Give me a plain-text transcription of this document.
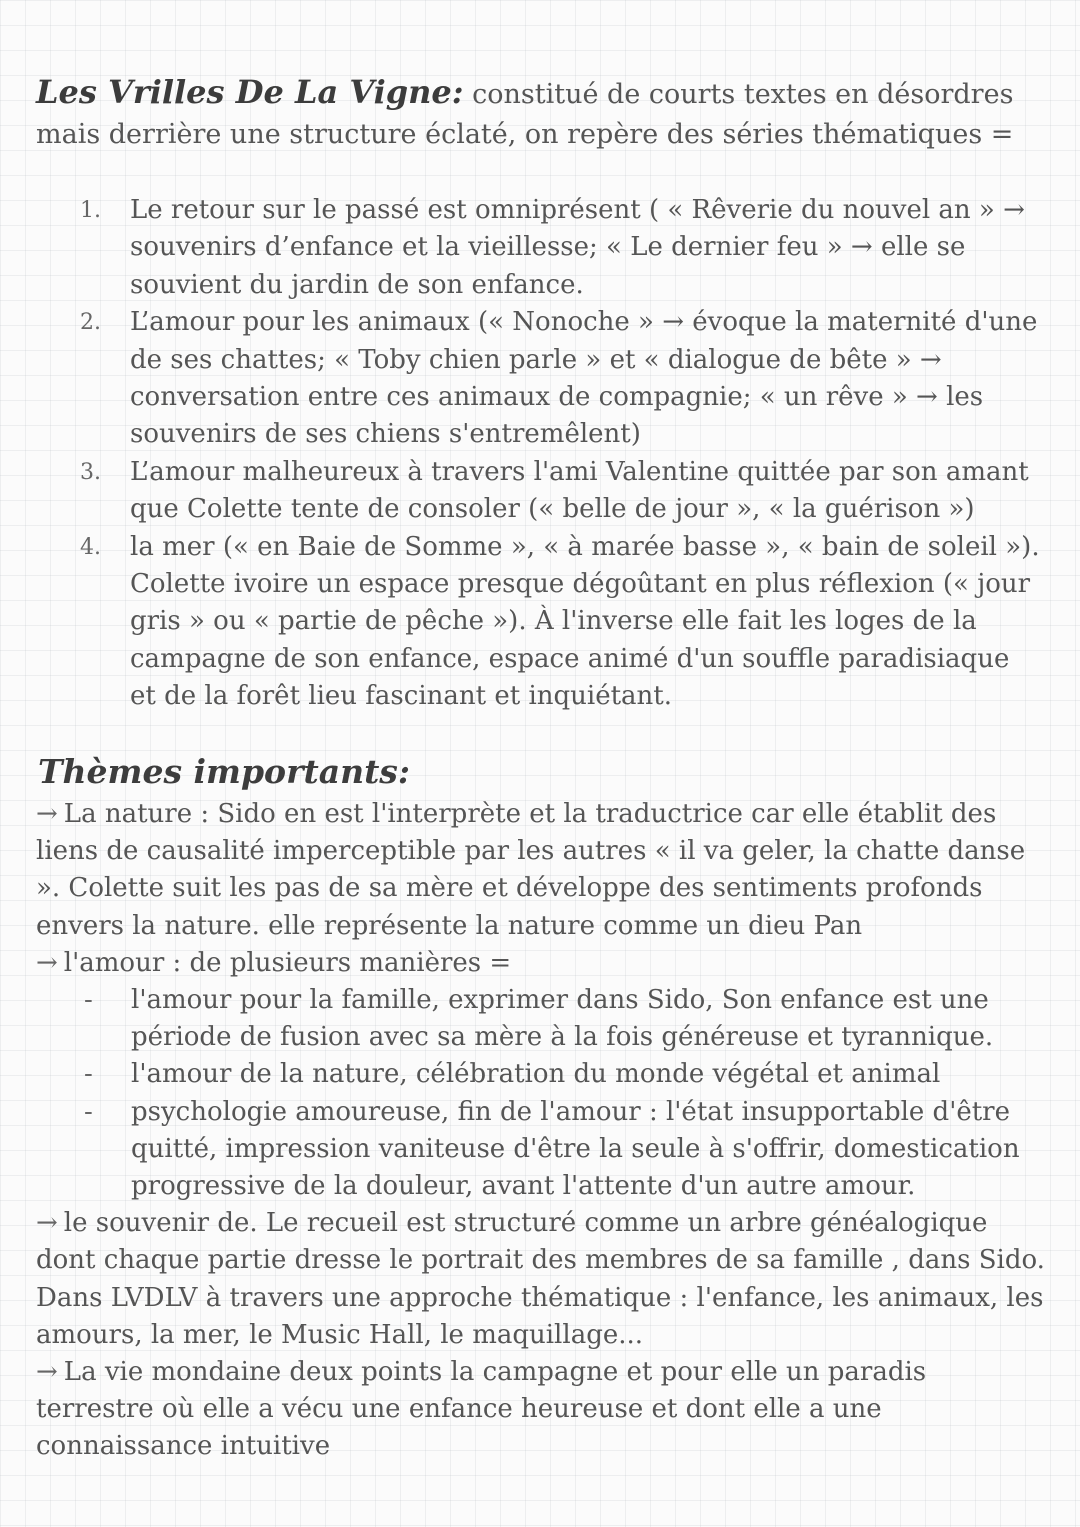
Les Vrilles De La Vigne: constitué de courts textes en désordres mais derrière une structure éclaté, on repère des séries thématiques =

1.	Le retour sur le passé est omniprésent ( « Rêverie du nouvel an » → souvenirs d’enfance et la vieillesse; « Le dernier feu » → elle se souvient du jardin de son enfance.
2.	L’amour pour les animaux (« Nonoche » → évoque la maternité d'une de ses chattes; « Toby chien parle » et « dialogue de bête » → conversation entre ces animaux de compagnie; « un rêve » → les souvenirs de ses chiens s'entremêlent)
3.	L’amour malheureux à travers l'ami Valentine quittée par son amant que Colette tente de consoler (« belle de jour », « la guérison »)
4.	la mer (« en Baie de Somme », « à marée basse », « bain de soleil »). Colette ivoire un espace presque dégoûtant en plus réflexion (« jour gris » ou « partie de pêche »). À l'inverse elle fait les loges de la campagne de son enfance, espace animé d'un souffle paradisiaque et de la forêt lieu fascinant et inquiétant.
Thèmes importants:

→ La nature : Sido en est l'interprète et la traductrice car elle établit des liens de causalité imperceptible par les autres « il va geler, la chatte danse ». Colette suit les pas de sa mère et développe des sentiments profonds envers la nature. elle représente la nature comme un dieu Pan

→ l'amour : de plusieurs manières =

- l'amour pour la famille, exprimer dans Sido, Son enfance est une période de fusion avec sa mère à la fois généreuse et tyrannique.
- l'amour de la nature, célébration du monde végétal et animal
- psychologie amoureuse, fin de l'amour : l'état insupportable d'être quitté, impression vaniteuse d'être la seule à s'offrir, domestication progressive de la douleur, avant l'attente d'un autre amour.

→ le souvenir de. Le recueil est structuré comme un arbre généalogique dont chaque partie dresse le portrait des membres de sa famille , dans Sido. Dans LVDLV à travers une approche thématique : l'enfance, les animaux, les amours, la mer, le Music Hall, le maquillage...

→ La vie mondaine deux points la campagne et pour elle un paradis terrestre où elle a vécu une enfance heureuse et dont elle a une connaissance intuitive
